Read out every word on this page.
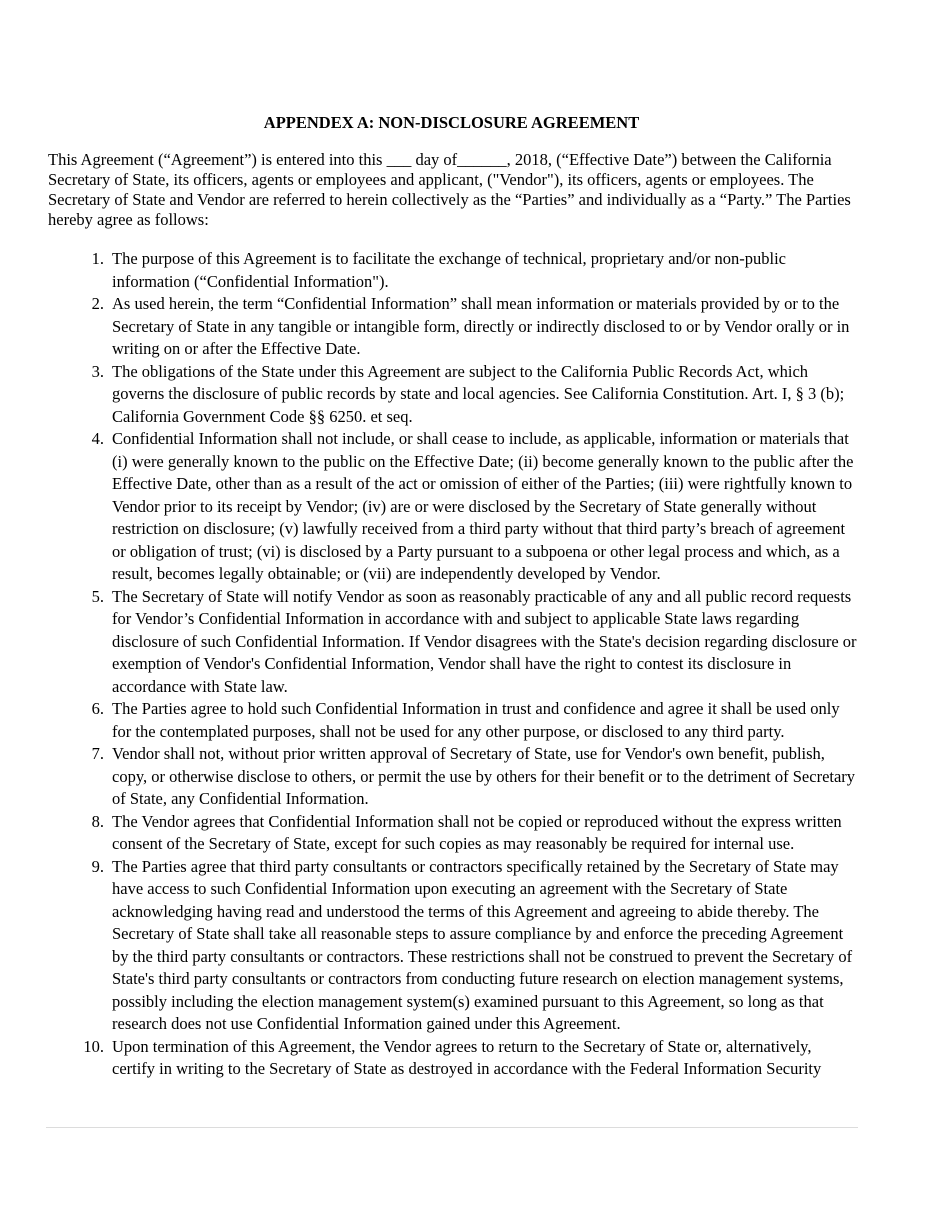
APPENDEX A: NON-DISCLOSURE AGREEMENT

This Agreement (“Agreement”) is entered into this ___ day of______, 2018, (“Effective Date”) between the California Secretary of State, its officers, agents or employees and applicant, ("Vendor"), its officers, agents or employees. The Secretary of State and Vendor are referred to herein collectively as the “Parties” and individually as a “Party.” The Parties hereby agree as follows:

1. The purpose of this Agreement is to facilitate the exchange of technical, proprietary and/or non-public information (“Confidential Information").
2. As used herein, the term “Confidential Information” shall mean information or materials provided by or to the Secretary of State in any tangible or intangible form, directly or indirectly disclosed to or by Vendor orally or in writing on or after the Effective Date.
3. The obligations of the State under this Agreement are subject to the California Public Records Act, which governs the disclosure of public records by state and local agencies. See California Constitution. Art. I, § 3 (b); California Government Code §§ 6250. et seq.
4. Confidential Information shall not include, or shall cease to include, as applicable, information or materials that (i) were generally known to the public on the Effective Date; (ii) become generally known to the public after the Effective Date, other than as a result of the act or omission of either of the Parties; (iii) were rightfully known to Vendor prior to its receipt by Vendor; (iv) are or were disclosed by the Secretary of State generally without restriction on disclosure; (v) lawfully received from a third party without that third party’s breach of agreement or obligation of trust; (vi) is disclosed by a Party pursuant to a subpoena or other legal process and which, as a result, becomes legally obtainable; or (vii) are independently developed by Vendor.
5. The Secretary of State will notify Vendor as soon as reasonably practicable of any and all public record requests for Vendor’s Confidential Information in accordance with and subject to applicable State laws regarding disclosure of such Confidential Information. If Vendor disagrees with the State's decision regarding disclosure or exemption of Vendor's Confidential Information, Vendor shall have the right to contest its disclosure in accordance with State law.
6. The Parties agree to hold such Confidential Information in trust and confidence and agree it shall be used only for the contemplated purposes, shall not be used for any other purpose, or disclosed to any third party.
7. Vendor shall not, without prior written approval of Secretary of State, use for Vendor's own benefit, publish, copy, or otherwise disclose to others, or permit the use by others for their benefit or to the detriment of Secretary of State, any Confidential Information.
8. The Vendor agrees that Confidential Information shall not be copied or reproduced without the express written consent of the Secretary of State, except for such copies as may reasonably be required for internal use.
9. The Parties agree that third party consultants or contractors specifically retained by the Secretary of State may have access to such Confidential Information upon executing an agreement with the Secretary of State acknowledging having read and understood the terms of this Agreement and agreeing to abide thereby. The Secretary of State shall take all reasonable steps to assure compliance by and enforce the preceding Agreement by the third party consultants or contractors. These restrictions shall not be construed to prevent the Secretary of State's third party consultants or contractors from conducting future research on election management systems, possibly including the election management system(s) examined pursuant to this Agreement, so long as that research does not use Confidential Information gained under this Agreement.
10. Upon termination of this Agreement, the Vendor agrees to return to the Secretary of State or, alternatively, certify in writing to the Secretary of State as destroyed in accordance with the Federal Information Security
